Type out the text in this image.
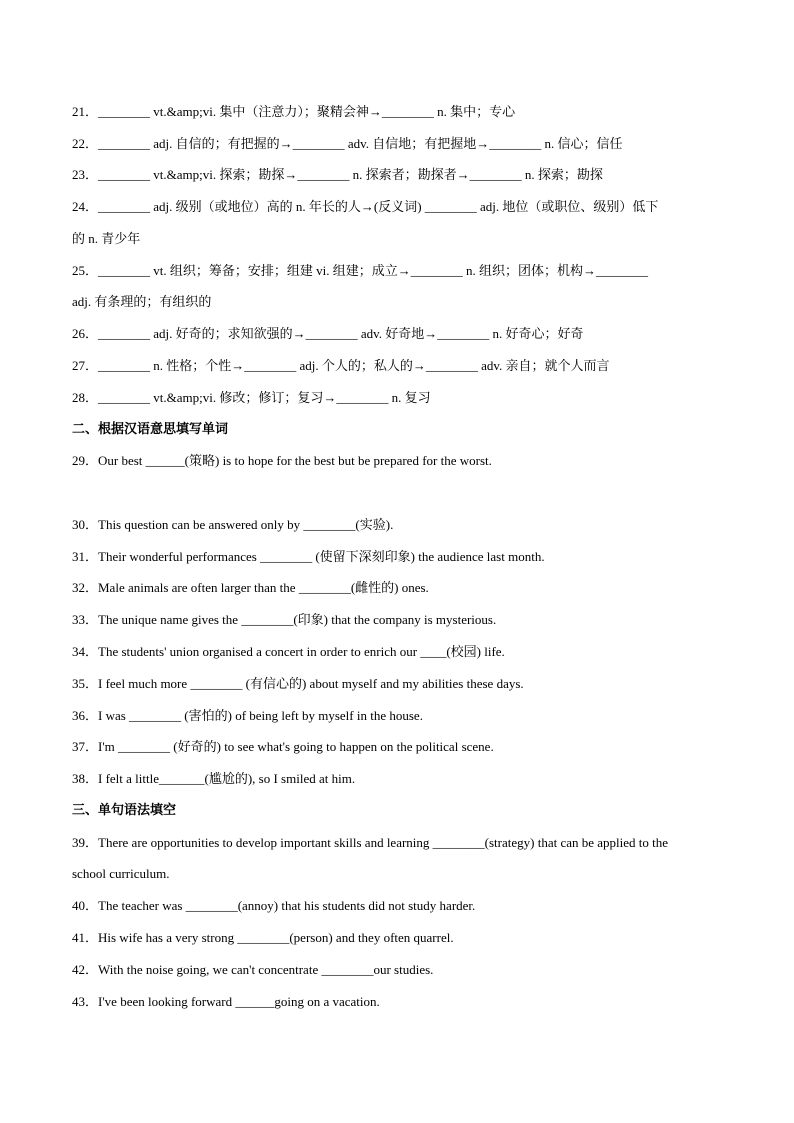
21．________ vt.&amp;vi. 集中（注意力）；聚精会神→________ n. 集中；专心
22．________ adj. 自信的；有把握的→________ adv. 自信地；有把握地→________ n. 信心；信任
23．________ vt.&amp;vi. 探索；勘探→________ n. 探索者；勘探者→________ n. 探索；勘探
24．________ adj. 级别（或地位）高的 n. 年长的人→(反义词) ________ adj. 地位（或职位、级别）低下
的 n. 青少年
25．________ vt. 组织；筹备；安排；组建 vi. 组建；成立→________ n. 组织；团体；机构→________
adj. 有条理的；有组织的
26．________ adj. 好奇的；求知欲强的→________ adv. 好奇地→________ n. 好奇心；好奇
27．________ n. 性格；个性→________ adj. 个人的；私人的→________ adv. 亲自；就个人而言
28．________ vt.&amp;vi. 修改；修订；复习→________ n. 复习
二、根据汉语意思填写单词
29．Our best ______(策略) is to hope for the best but be prepared for the worst.
30．This question can be answered only by ________(实验).
31．Their wonderful performances ________ (使留下深刻印象) the audience last month.
32．Male animals are often larger than the ________(雌性的) ones.
33．The unique name gives the ________(印象) that the company is mysterious.
34．The students' union organised a concert in order to enrich our ____(校园) life.
35．I feel much more ________ (有信心的) about myself and my abilities these days.
36．I was ________ (害怕的) of being left by myself in the house.
37．I'm ________ (好奇的) to see what's going to happen on the political scene.
38．I felt a little_______(尴尬的), so I smiled at him.
三、单句语法填空
39．There are opportunities to develop important skills and learning ________(strategy) that can be applied to the
school curriculum.
40．The teacher was ________(annoy) that his students did not study harder.
41．His wife has a very strong ________(person) and they often quarrel.
42．With the noise going, we can't concentrate ________our studies.
43．I've been looking forward ______going on a vacation.
